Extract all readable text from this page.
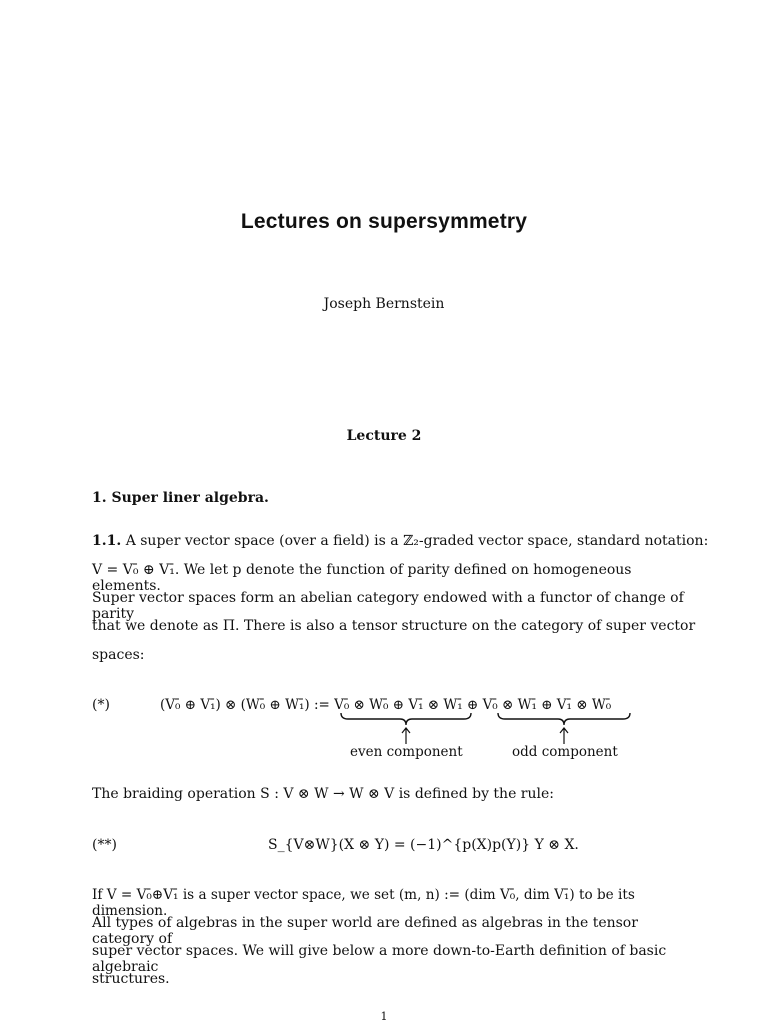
Lectures on supersymmetry
Joseph Bernstein
Lecture 2
1. Super liner algebra.
1.1. A super vector space (over a field) is a ℤ₂-graded vector space, standard notation:
V = V₀̄ ⊕ V₁̄. We let p denote the function of parity defined on homogeneous elements.
Super vector spaces form an abelian category endowed with a functor of change of parity
that we denote as Π. There is also a tensor structure on the category of super vector
spaces:
(*)	(V₀̄ ⊕ V₁̄) ⊗ (W₀̄ ⊕ W₁̄) := V₀̄ ⊗ W₀̄ ⊕ V₁̄ ⊗ W₁̄ ⊕ V₀̄ ⊗ W₁̄ ⊕ V₁̄ ⊗ W₀̄
even component	odd component
The braiding operation S : V ⊗ W → W ⊗ V is defined by the rule:
(**)	S_{V⊗W}(X ⊗ Y) = (−1)^{p(X)p(Y)} Y ⊗ X.
If V = V₀̄⊕V₁̄ is a super vector space, we set (m, n) := (dim V₀̄, dim V₁̄) to be its dimension.
All types of algebras in the super world are defined as algebras in the tensor category of
super vector spaces. We will give below a more down-to-Earth definition of basic algebraic
structures.
1
